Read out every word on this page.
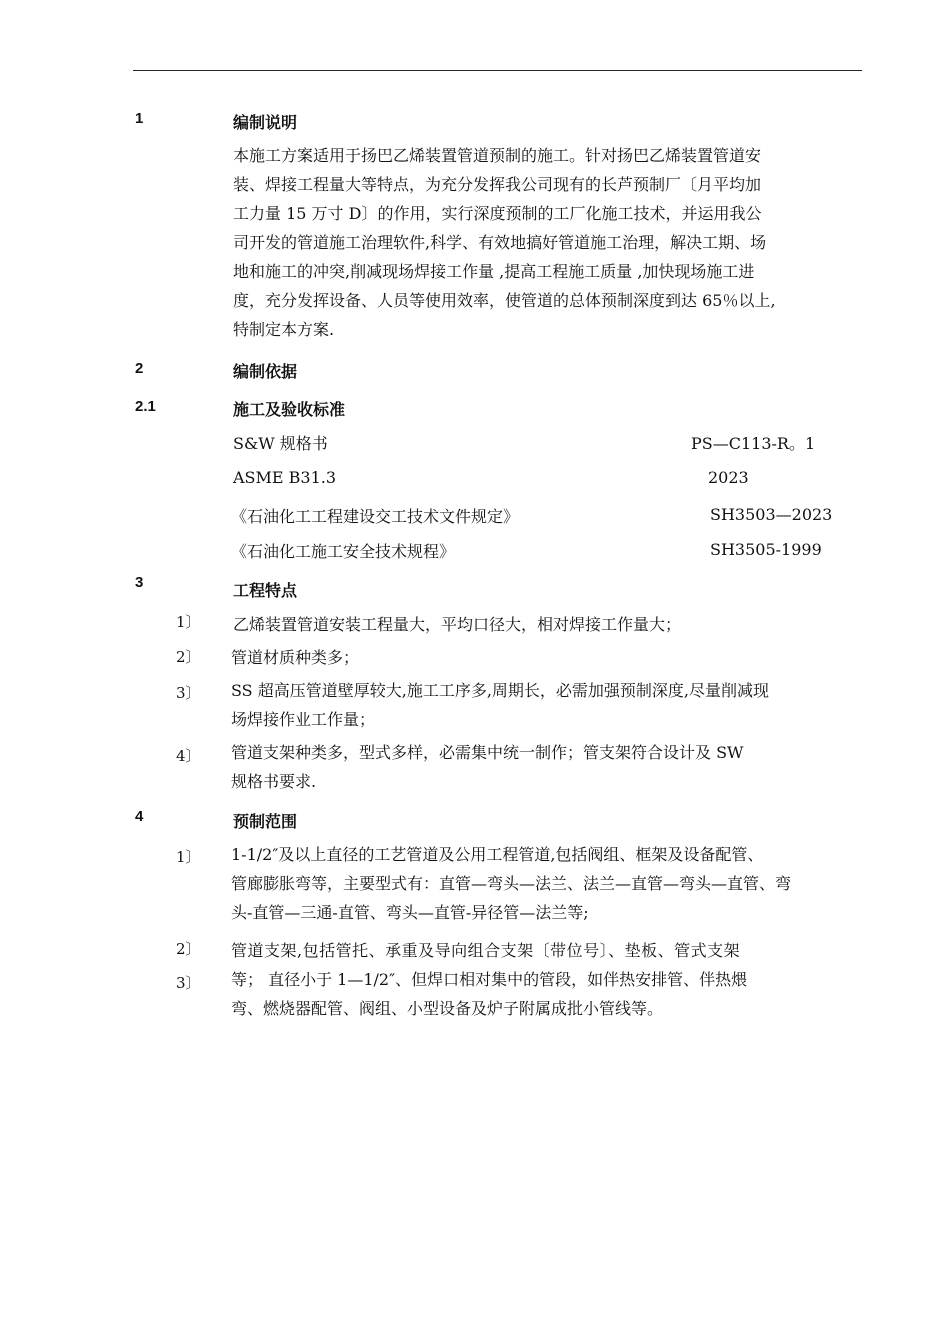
1	编制说明
本施工方案适用于扬巴乙烯装置管道预制的施工。针对扬巴乙烯装置管道安
装、焊接工程量大等特点，为充分发挥我公司现有的长芦预制厂〔月平均加
工力量 15 万寸 D〕的作用，实行深度预制的工厂化施工技术，并运用我公
司开发的管道施工治理软件,科学、有效地搞好管道施工治理，解决工期、场
地和施工的冲突,削减现场焊接工作量 ,提高工程施工质量 ,加快现场施工进
度，充分发挥设备、人员等使用效率，使管道的总体预制深度到达 65％以上,
特制定本方案.
2	编制依据
2.1	施工及验收标准
S&W 规格书	PS—C113-R。1
ASME B31.3	2023
《石油化工工程建设交工技术文件规定》	SH3503—2023
《石油化工施工安全技术规程》	SH3505-1999
3	工程特点
1〕 乙烯装置管道安装工程量大，平均口径大，相对焊接工作量大；
2〕 管道材质种类多；
3〕 SS 超高压管道壁厚较大,施工工序多,周期长，必需加强预制深度,尽量削减现
场焊接作业工作量；
4〕 管道支架种类多，型式多样，必需集中统一制作；管支架符合设计及 SW
规格书要求.
4	预制范围
1〕 1-1/2″及以上直径的工艺管道及公用工程管道,包括阀组、框架及设备配管、
管廊膨胀弯等，主要型式有：直管—弯头—法兰、法兰—直管—弯头—直管、弯
头-直管—三通-直管、弯头—直管-异径管—法兰等;
2〕 管道支架,包括管托、承重及导向组合支架〔带位号〕、垫板、管式支架
3〕 等； 直径小于 1—1/2″、但焊口相对集中的管段，如伴热安排管、伴热煨
弯、燃烧器配管、阀组、小型设备及炉子附属成批小管线等。
